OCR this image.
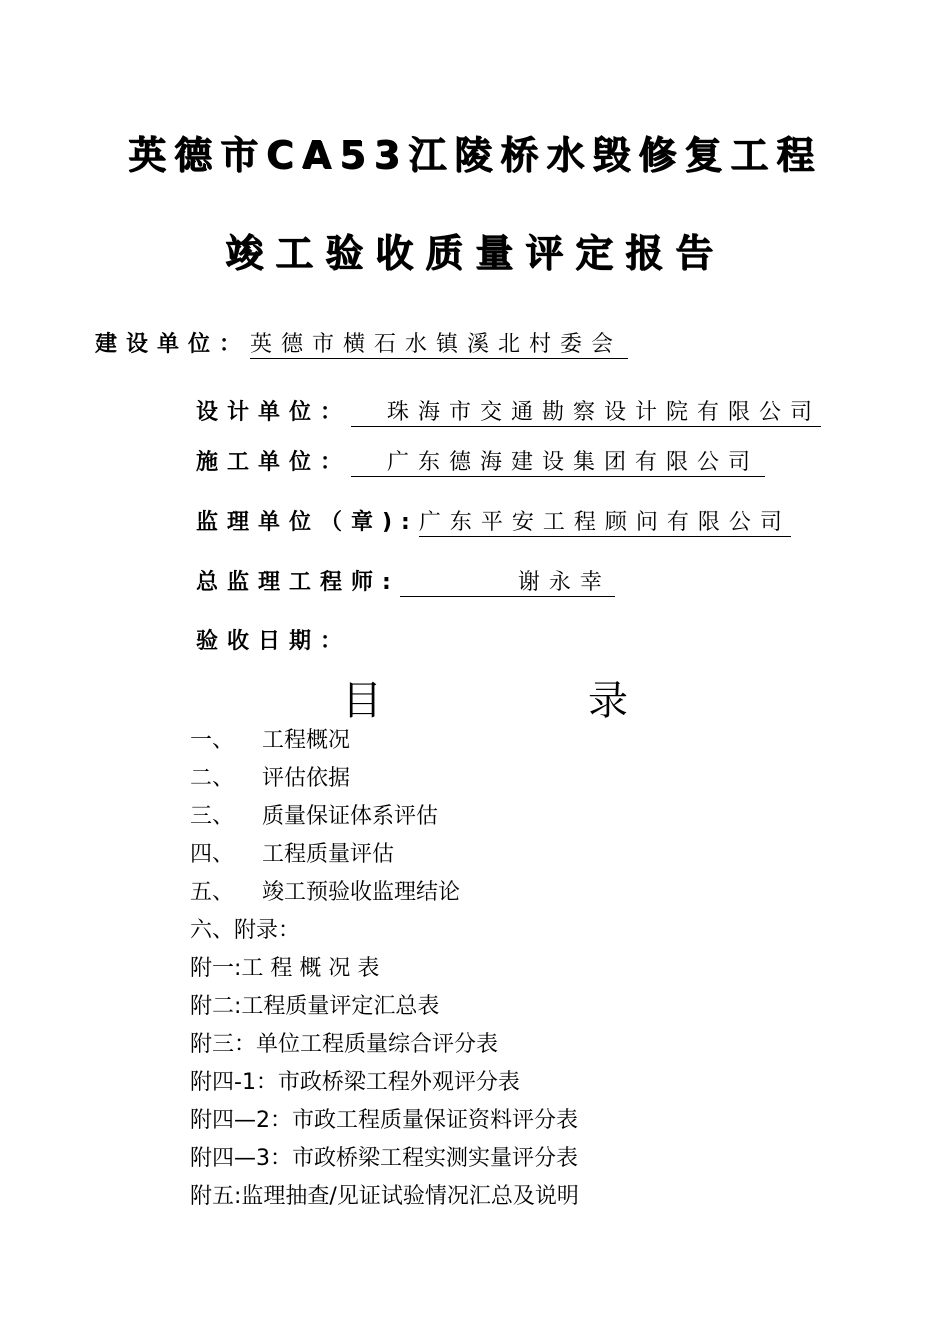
英德市CA53江陵桥水毁修复工程
竣工验收质量评定报告
建设单位：英德市横石水镇溪北村委会
设计单位： 珠海市交通勘察设计院有限公司
施工单位： 广东德海建设集团有限公司
监理单位（章):广东平安工程顾问有限公司
总监理工程师:	谢永幸
验收日期：
目	录
一、 工程概况
二、 评估依据
三、 质量保证体系评估
四、 工程质量评估
五、 竣工预验收监理结论
六、附录：
附一:工 程 概 况 表
附二:工程质量评定汇总表
附三：单位工程质量综合评分表
附四-1：市政桥梁工程外观评分表
附四—2：市政工程质量保证资料评分表
附四—3：市政桥梁工程实测实量评分表
附五:监理抽查/见证试验情况汇总及说明
